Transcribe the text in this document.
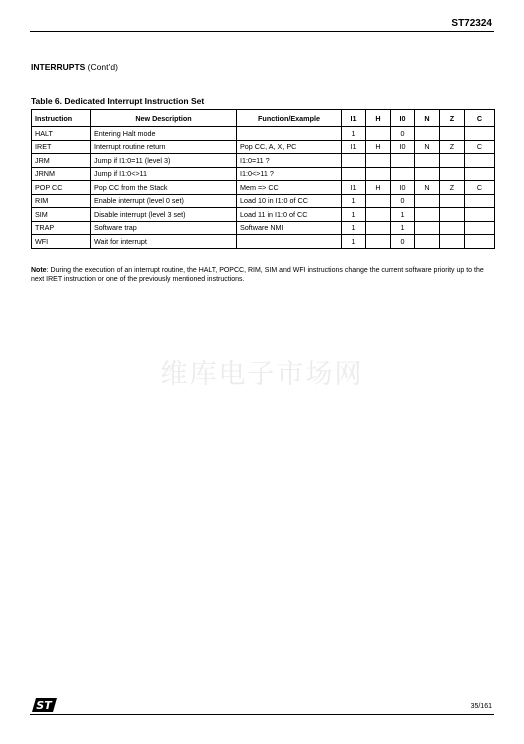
ST72324
INTERRUPTS (Cont’d)
Table 6. Dedicated Interrupt Instruction Set
Instruction	New Description	Function/Example	I1	H	I0	N	Z	C
HALT	Entering Halt mode		1		0			
IRET	Interrupt routine return	Pop CC, A, X, PC	I1	H	I0	N	Z	C
JRM	Jump if I1:0=11 (level 3)	I1:0=11 ?						
JRNM	Jump if I1:0<>11	I1:0<>11 ?						
POP CC	Pop CC from the Stack	Mem => CC	I1	H	I0	N	Z	C
RIM	Enable interrupt (level 0 set)	Load 10 in I1:0 of CC	1		0			
SIM	Disable interrupt (level 3 set)	Load 11 in I1:0 of CC	1		1			
TRAP	Software trap	Software NMI	1		1			
WFI	Wait for interrupt		1		0			
Note: During the execution of an interrupt routine, the HALT, POPCC, RIM, SIM and WFI instructions change the current software priority up to the next IRET instruction or one of the previously mentioned instructions.
维库电子市场网
ST	35/161
